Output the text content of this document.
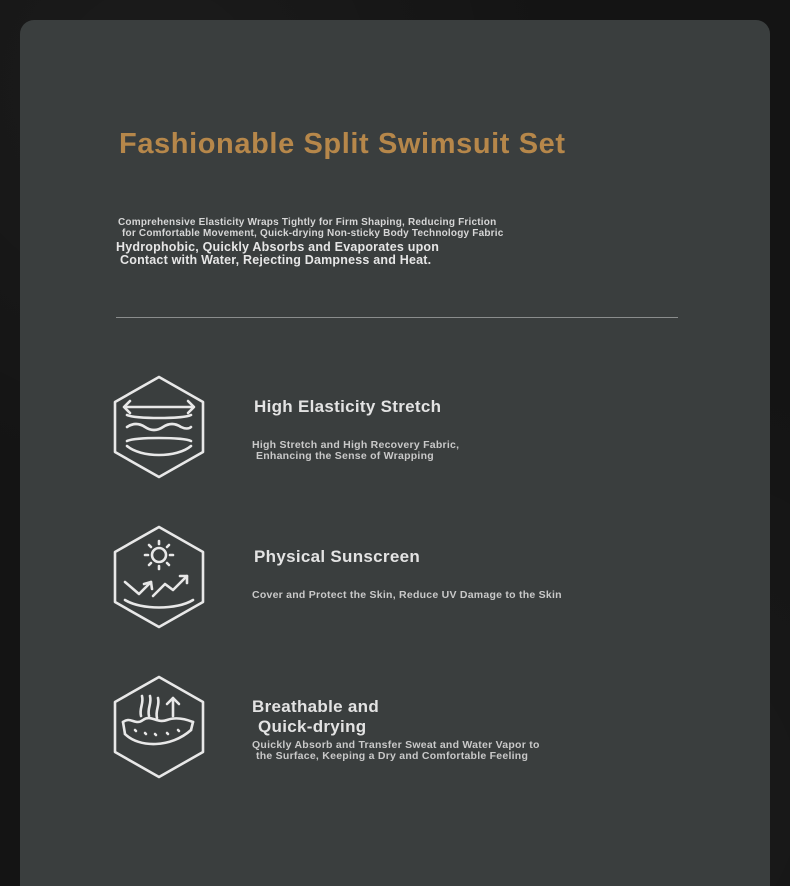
Fashionable Split Swimsuit Set
Comprehensive Elasticity Wraps Tightly for Firm Shaping, Reducing Friction
for Comfortable Movement, Quick-drying Non-sticky Body Technology Fabric
Hydrophobic, Quickly Absorbs and Evaporates upon
Contact with Water, Rejecting Dampness and Heat.
High Elasticity Stretch
High Stretch and High Recovery Fabric,
Enhancing the Sense of Wrapping
Physical Sunscreen
Cover and Protect the Skin, Reduce UV Damage to the Skin
Breathable and
Quick-drying
Quickly Absorb and Transfer Sweat and Water Vapor to
the Surface, Keeping a Dry and Comfortable Feeling
